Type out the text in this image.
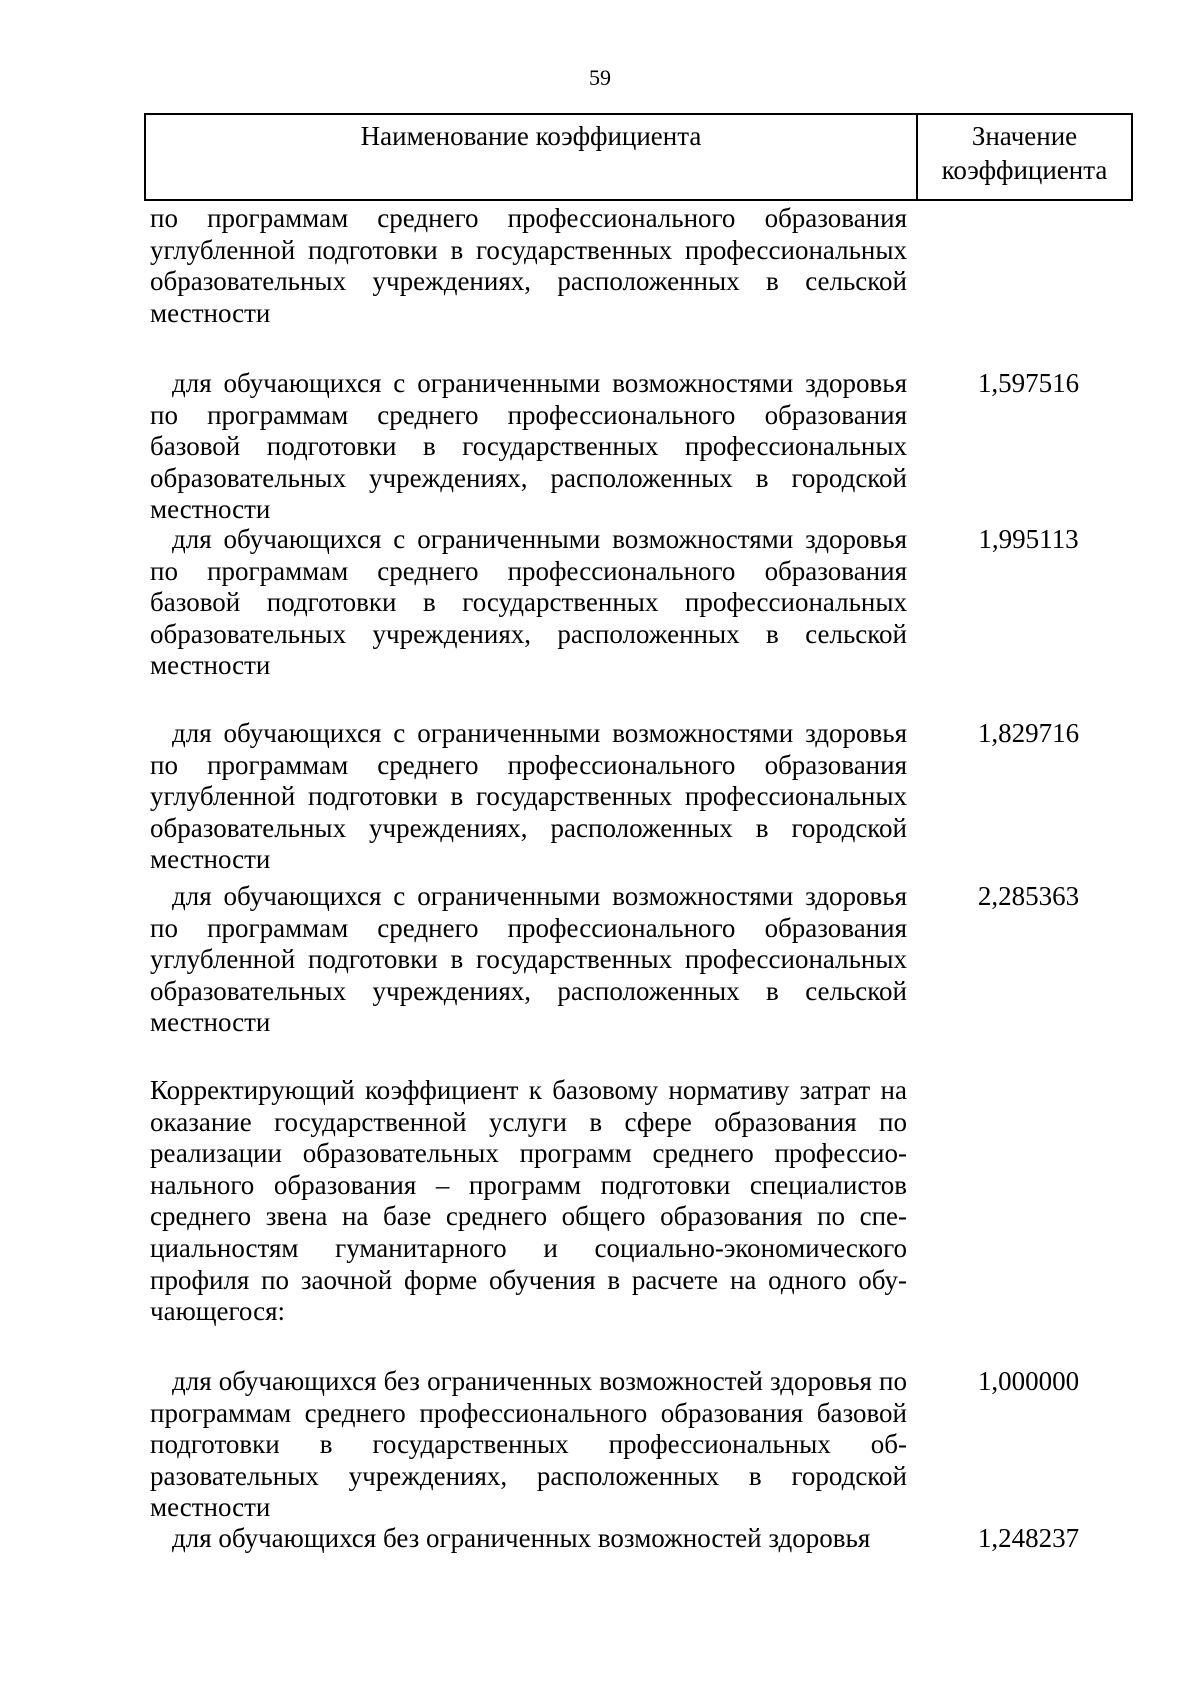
59
Наименование коэффициента	Значение коэффициента
по программам среднего профессионального образования углубленной подготовки в государственных профессиональных образовательных учреждениях, расположенных в сельской местности
для обучающихся с ограниченными возможностями здоровья по программам среднего профессионального образования базовой подготовки в государственных профессиональных образовательных учреждениях, расположенных в городской местности
1,597516
для обучающихся с ограниченными возможностями здоровья по программам среднего профессионального образования базовой подготовки в государственных профессиональных образовательных учреждениях, расположенных в сельской местности
1,995113
для обучающихся с ограниченными возможностями здоровья по программам среднего профессионального образования углубленной подготовки в государственных профессиональных образовательных учреждениях, расположенных в городской местности
1,829716
для обучающихся с ограниченными возможностями здоровья по программам среднего профессионального образования углубленной подготовки в государственных профессиональных образовательных учреждениях, расположенных в сельской местности
2,285363
Корректирующий коэффициент к базовому нормативу затрат на оказание государственной услуги в сфере образования по реализации образовательных программ среднего профессионального образования – программ подготовки специалистов среднего звена на базе среднего общего образования по специальностям гуманитарного и социально-экономического профиля по заочной форме обучения в расчете на одного обучающегося:
для обучающихся без ограниченных возможностей здоровья по программам среднего профессионального образования базовой подготовки в государственных профессиональных образовательных учреждениях, расположенных в городской местности
1,000000
для обучающихся без ограниченных возможностей здоровья	1,248237
